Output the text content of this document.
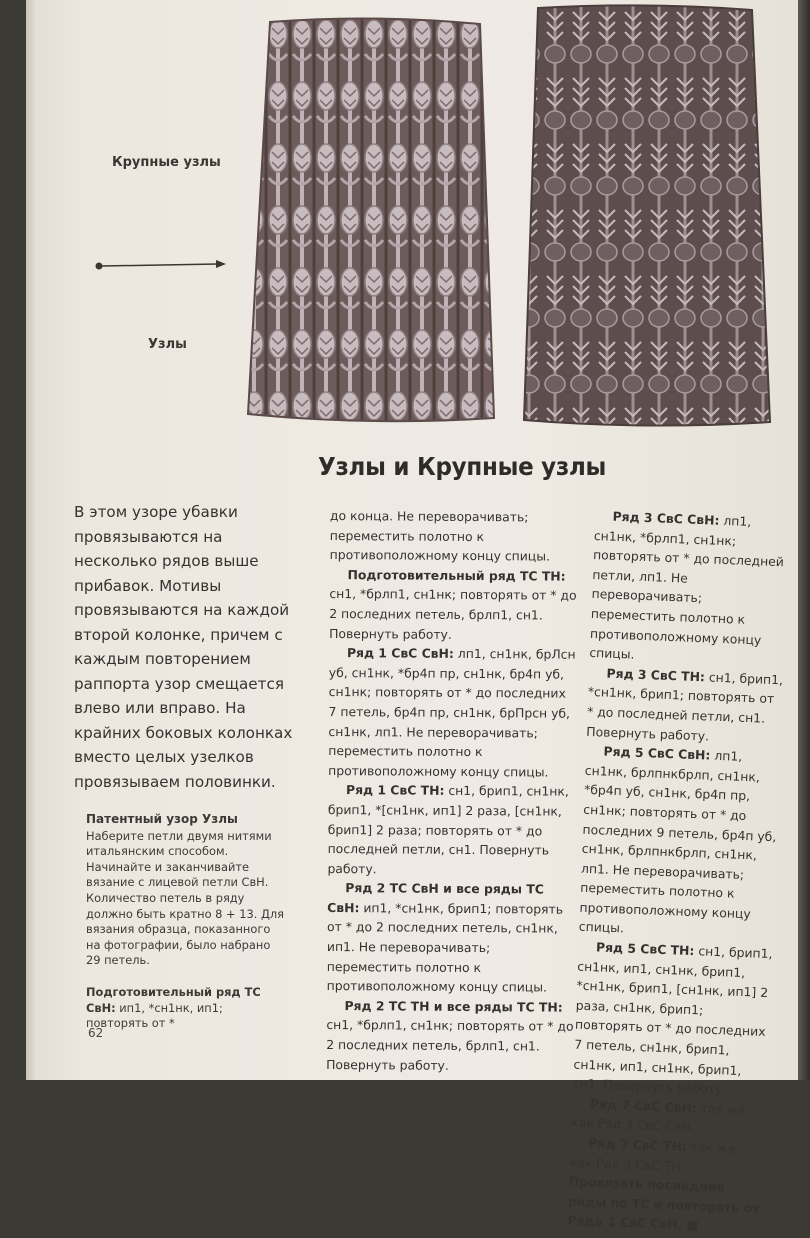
Крупные узлы
Узлы
Узлы и Крупные узлы

В этом узоре убавки провязываются на несколько рядов выше прибавок. Мотивы провязываются на каждой второй колонке, причем с каждым повторением раппорта узор смещается влево или вправо. На крайних боковых колонках вместо целых узелков провязываем половинки.

Патентный узор Узлы

Наберите петли двумя нитями итальянским способом. Начинайте и заканчивайте вязание с лицевой петли СвН. Количество петель в ряду должно быть кратно 8 + 13. Для вязания образца, показанного на фотографии, было набрано 29 петель.

Подготовительный ряд ТС СвН: ип1, *сн1нк, ип1; повторять от *

до конца. Не переворачивать; переместить полотно к противоположному концу спицы.

Подготовительный ряд ТС ТН: сн1, *брлп1, сн1нк; повторять от * до 2 последних петель, брлп1, сн1. Повернуть работу.

Ряд 1 СвС СвН: лп1, сн1нк, брЛсн уб, сн1нк, *бр4п пр, сн1нк, бр4п уб, сн1нк; повторять от * до последних 7 петель, бр4п пр, сн1нк, брПрсн уб, сн1нк, лп1. Не переворачивать; переместить полотно к противоположному концу спицы.

Ряд 1 СвС ТН: сн1, брип1, сн1нк, брип1, *[сн1нк, ип1] 2 раза, [сн1нк, брип1] 2 раза; повторять от * до последней петли, сн1. Повернуть работу.

Ряд 2 ТС СвН и все ряды ТС СвН: ип1, *сн1нк, брип1; повторять от * до 2 последних петель, сн1нк, ип1. Не переворачивать; переместить полотно к противоположному концу спицы.

Ряд 2 ТС ТН и все ряды ТС ТН: сн1, *брлп1, сн1нк; повторять от * до 2 последних петель, брлп1, сн1. Повернуть работу.

Ряд 3 СвС СвН: лп1, сн1нк, *брлп1, сн1нк; повторять от * до последней петли, лп1. Не переворачивать; переместить полотно к противоположному концу спицы.

Ряд 3 СвС ТН: сн1, брип1, *сн1нк, брип1; повторять от * до последней петли, сн1. Повернуть работу.

Ряд 5 СвС СвН: лп1, сн1нк, брлпнкбрлп, сн1нк, *бр4п уб, сн1нк, бр4п пр, сн1нк; повторять от * до последних 9 петель, бр4п уб, сн1нк, брлпнкбрлп, сн1нк, лп1. Не переворачивать; переместить полотно к противоположному концу спицы.

Ряд 5 СвС ТН: сн1, брип1, сн1нк, ип1, сн1нк, брип1, *сн1нк, брип1, [сн1нк, ип1] 2 раза, сн1нк, брип1; повторять от * до последних 7 петель, сн1нк, брип1, сн1нк, ип1, сн1нк, брип1, сн1. Повернуть работу.

Ряд 7 СвС СвН: так же, как Ряд 3 СвС СвН.

Ряд 7 СвС ТН: так же, как Ряд 3 СвС ТН.

Провязать последние ряды по ТС и повторять от Ряда 1 СвС СвН. ■

62
